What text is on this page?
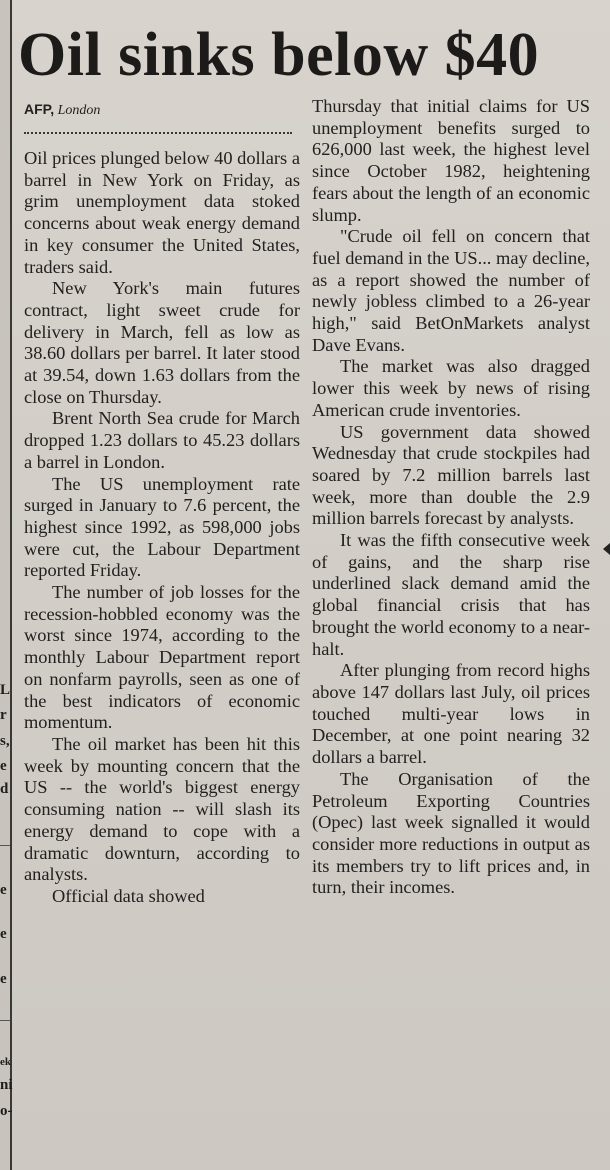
L
r
s,
e
d
e
e
e
ek
ni
o-
Oil sinks below $40
AFP, London

Oil prices plunged below 40 dollars a barrel in New York on Friday, as grim unemployment data stoked concerns about weak energy demand in key consumer the United States, traders said.

New York's main futures contract, light sweet crude for delivery in March, fell as low as 38.60 dollars per barrel. It later stood at 39.54, down 1.63 dollars from the close on Thursday.

Brent North Sea crude for March dropped 1.23 dollars to 45.23 dollars a barrel in London.

The US unemployment rate surged in January to 7.6 percent, the highest since 1992, as 598,000 jobs were cut, the Labour Department reported Friday.

The number of job losses for the recession-hobbled economy was the worst since 1974, according to the monthly Labour Department report on nonfarm payrolls, seen as one of the best indicators of economic momentum.

The oil market has been hit this week by mounting concern that the US -- the world's biggest energy consuming nation -- will slash its energy demand to cope with a dramatic downturn, according to analysts.

Official data showed

Thursday that initial claims for US unemployment benefits surged to 626,000 last week, the highest level since October 1982, heightening fears about the length of an economic slump.

"Crude oil fell on concern that fuel demand in the US... may decline, as a report showed the number of newly jobless climbed to a 26-year high," said BetOnMarkets analyst Dave Evans.

The market was also dragged lower this week by news of rising American crude inventories.

US government data showed Wednesday that crude stockpiles had soared by 7.2 million barrels last week, more than double the 2.9 million barrels forecast by analysts.

It was the fifth consecutive week of gains, and the sharp rise underlined slack demand amid the global financial crisis that has brought the world economy to a near-halt.

After plunging from record highs above 147 dollars last July, oil prices touched multi-year lows in December, at one point nearing 32 dollars a barrel.

The Organisation of the Petroleum Exporting Countries (Opec) last week signalled it would consider more reductions in output as its members try to lift prices and, in turn, their incomes.
